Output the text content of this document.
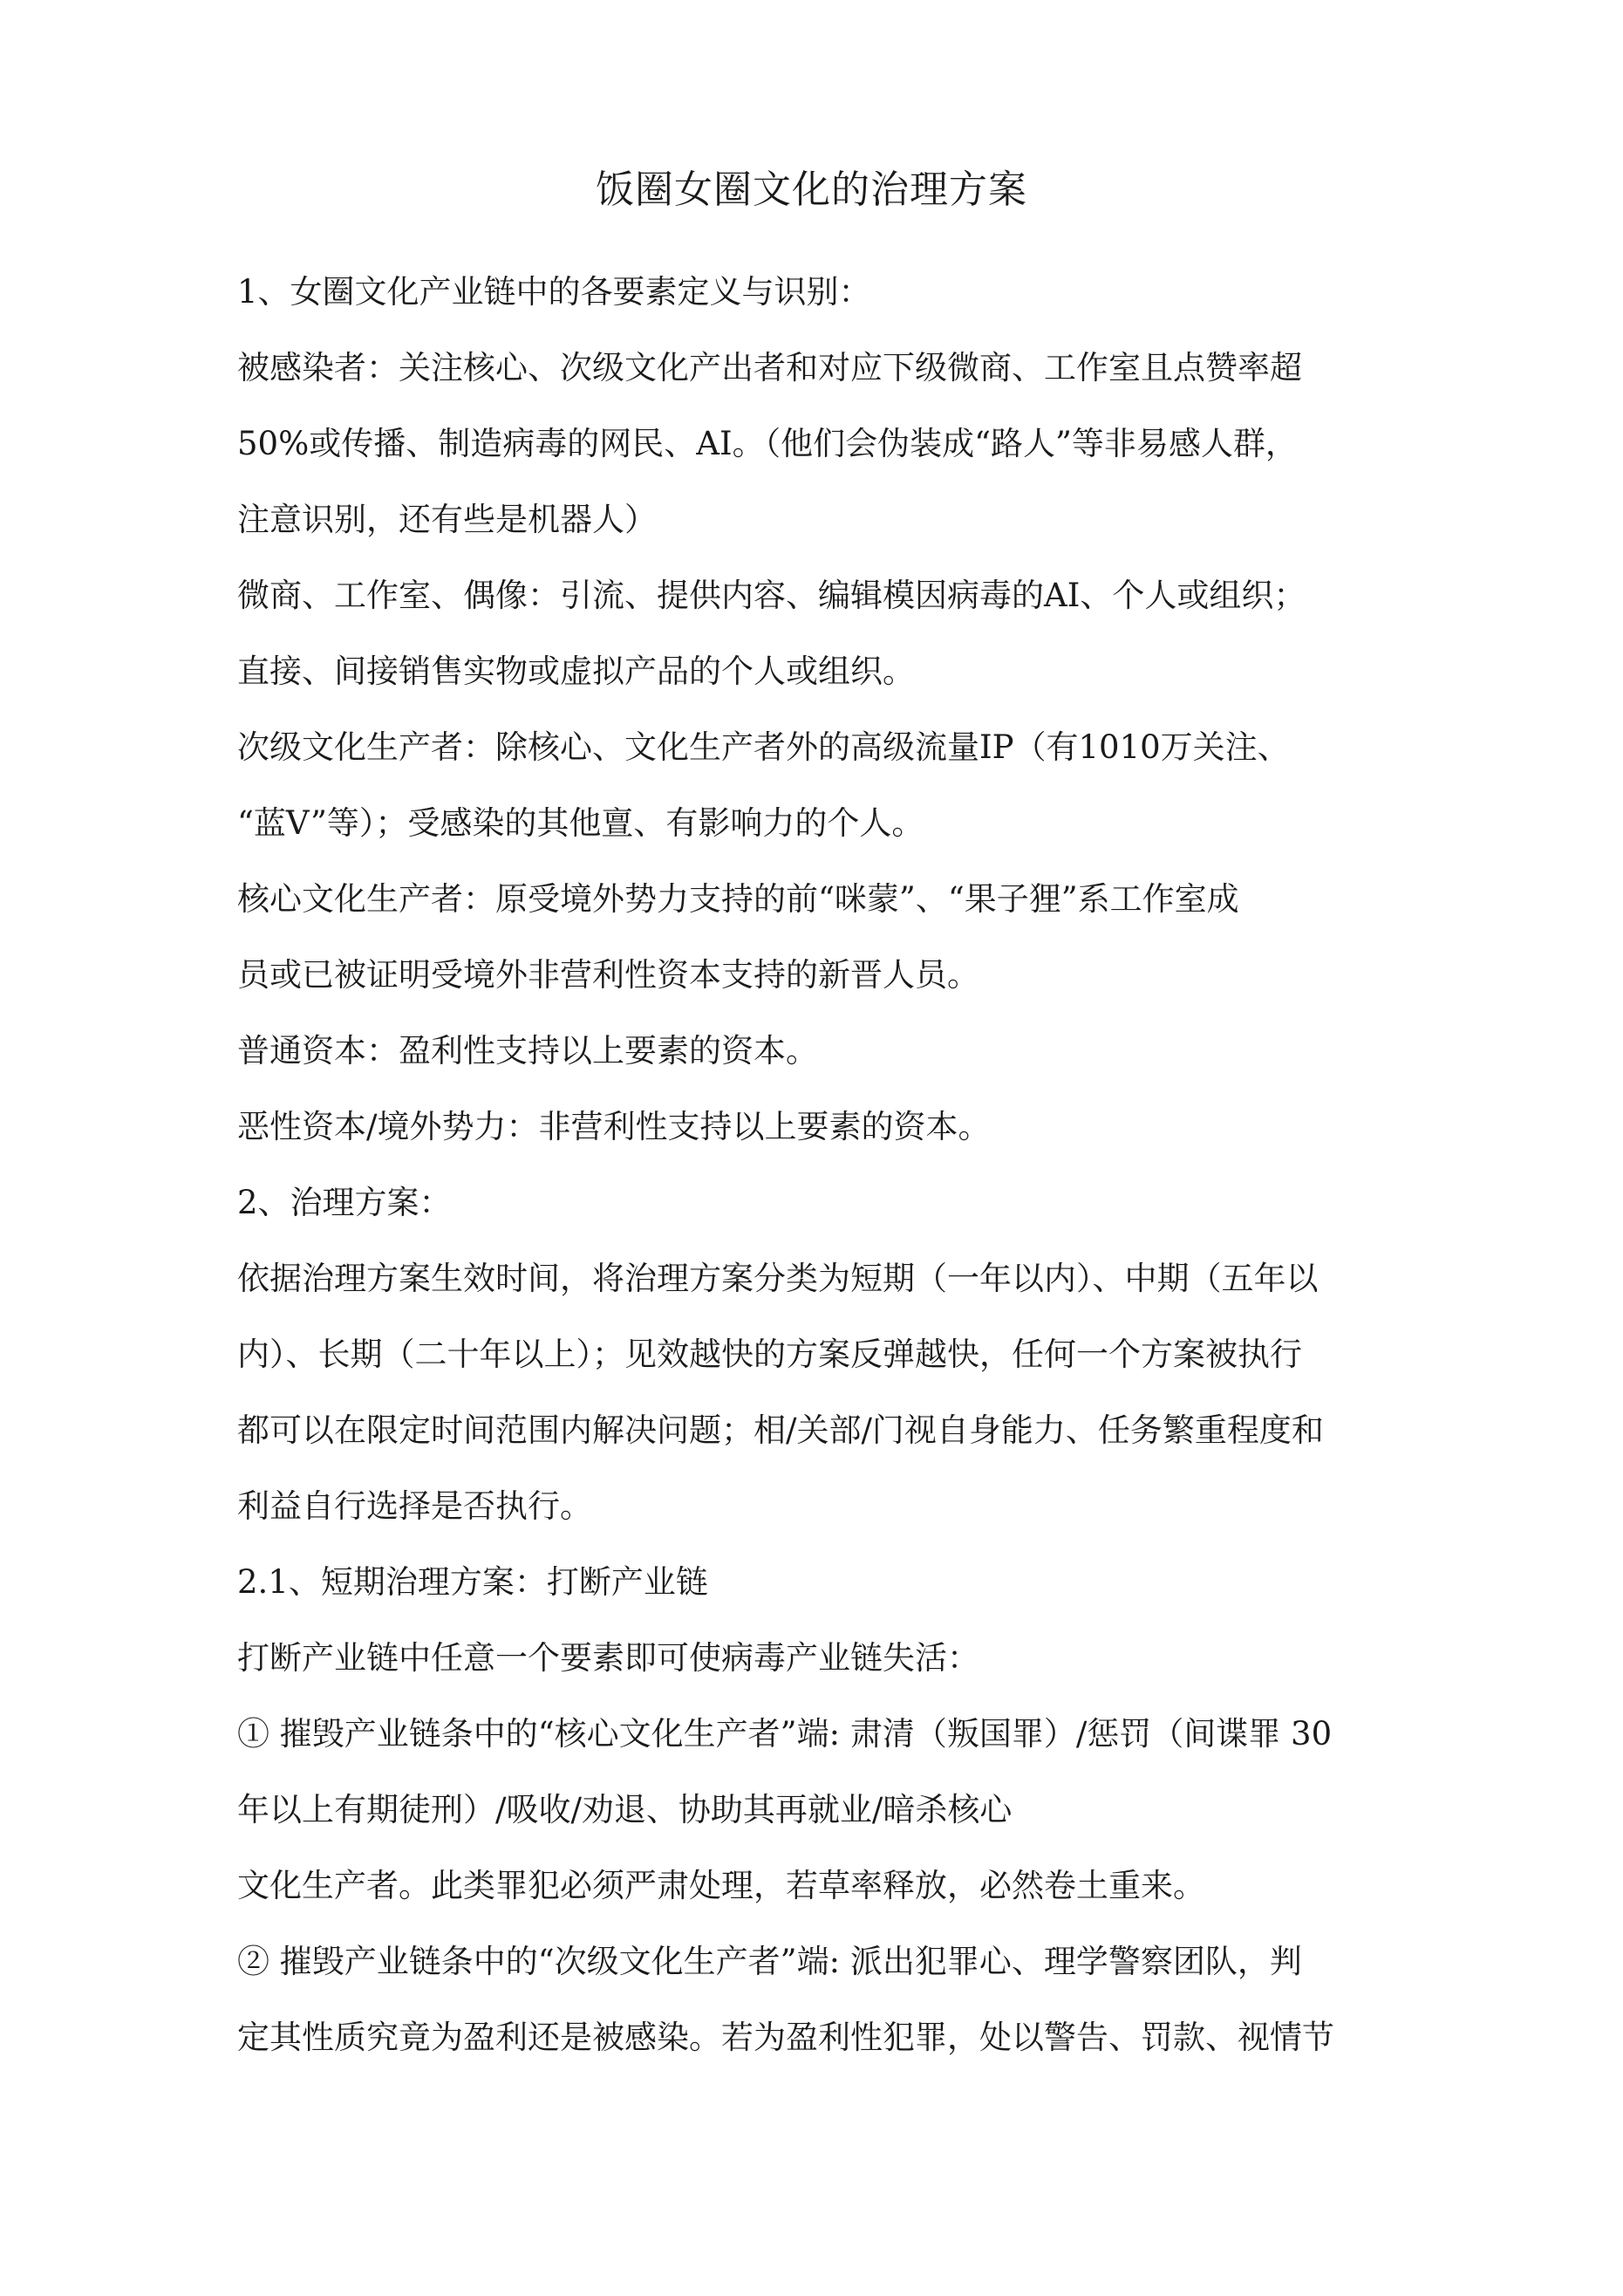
饭圈女圈文化的治理方案
1、女圈文化产业链中的各要素定义与识别：
被感染者：关注核心、次级文化产出者和对应下级微商、工作室且点赞率超
50%或传播、制造病毒的网民、AI。（他们会伪装成“路人”等非易感人群，
注意识别，还有些是机器人）
微商、工作室、偶像：引流、提供内容、编辑模因病毒的AI、个人或组织；
直接、间接销售实物或虚拟产品的个人或组织。
次级文化生产者：除核心、文化生产者外的高级流量IP（有1010万关注、
“蓝V”等）；受感染的其他亶、有影响力的个人。
核心文化生产者：原受境外势力支持的前“咪蒙”、“果子狸”系工作室成
员或已被证明受境外非营利性资本支持的新晋人员。
普通资本：盈利性支持以上要素的资本。
恶性资本/境外势力：非营利性支持以上要素的资本。
2、治理方案：
依据治理方案生效时间，将治理方案分类为短期（一年以内）、中期（五年以
内）、长期（二十年以上）；见效越快的方案反弹越快，任何一个方案被执行
都可以在限定时间范围内解决问题；相/关部/门视自身能力、任务繁重程度和
利益自行选择是否执行。
2.1、短期治理方案：打断产业链
打断产业链中任意一个要素即可使病毒产业链失活：
① 摧毁产业链条中的“核心文化生产者”端: 肃清（叛国罪）/惩罚（间谍罪 30
年以上有期徒刑）/吸收/劝退、协助其再就业/暗杀核心
文化生产者。此类罪犯必须严肃处理，若草率释放，必然卷土重来。
② 摧毁产业链条中的“次级文化生产者”端: 派出犯罪心、理学警察团队，判
定其性质究竟为盈利还是被感染。若为盈利性犯罪，处以警告、罚款、视情节
